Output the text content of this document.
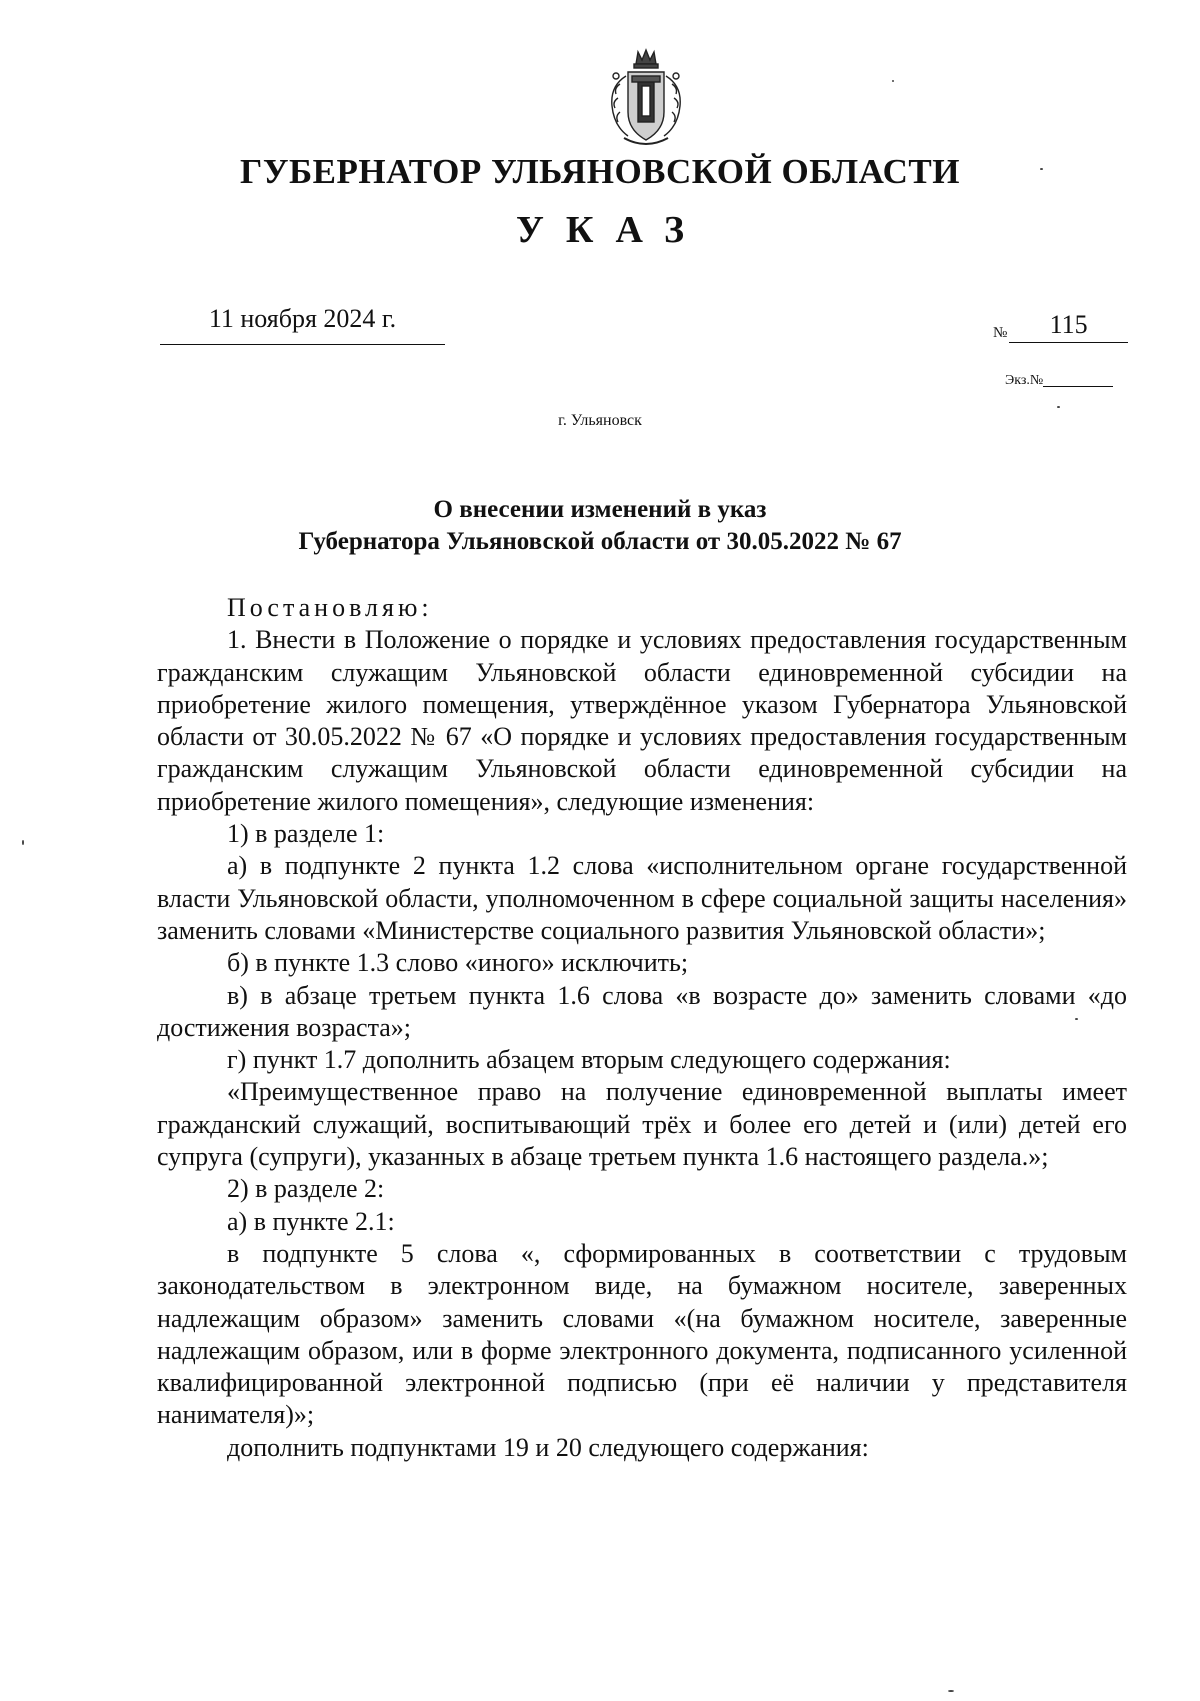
ГУБЕРНАТОР УЛЬЯНОВСКОЙ ОБЛАСТИ
УКАЗ
11 ноября 2024 г.	№	115
Экз.№
г. Ульяновск
О внесении изменений в указ
Губернатора Ульяновской области от 30.05.2022 № 67

Постановляю:

1. Внести в Положение о порядке и условиях предоставления государственным гражданским служащим Ульяновской области единовременной субсидии на приобретение жилого помещения, утверждённое указом Губернатора Ульяновской области от 30.05.2022 № 67 «О порядке и условиях предоставления государственным гражданским служащим Ульяновской области единовременной субсидии на приобретение жилого помещения», следующие изменения:

1) в разделе 1:

а) в подпункте 2 пункта 1.2 слова «исполнительном органе государственной власти Ульяновской области, уполномоченном в сфере социальной защиты населения» заменить словами «Министерстве социального развития Ульяновской области»;

б) в пункте 1.3 слово «иного» исключить;

в) в абзаце третьем пункта 1.6 слова «в возрасте до» заменить словами «до достижения возраста»;

г) пункт 1.7 дополнить абзацем вторым следующего содержания:

«Преимущественное право на получение единовременной выплаты имеет гражданский служащий, воспитывающий трёх и более его детей и (или) детей его супруга (супруги), указанных в абзаце третьем пункта 1.6 настоящего раздела.»;

2) в разделе 2:

а) в пункте 2.1:

в подпункте 5 слова «, сформированных в соответствии с трудовым законодательством в электронном виде, на бумажном носителе, заверенных надлежащим образом» заменить словами «(на бумажном носителе, заверенные надлежащим образом, или в форме электронного документа, подписанного усиленной квалифицированной электронной подписью (при её наличии у представителя нанимателя)»;

дополнить подпунктами 19 и 20 следующего содержания:
